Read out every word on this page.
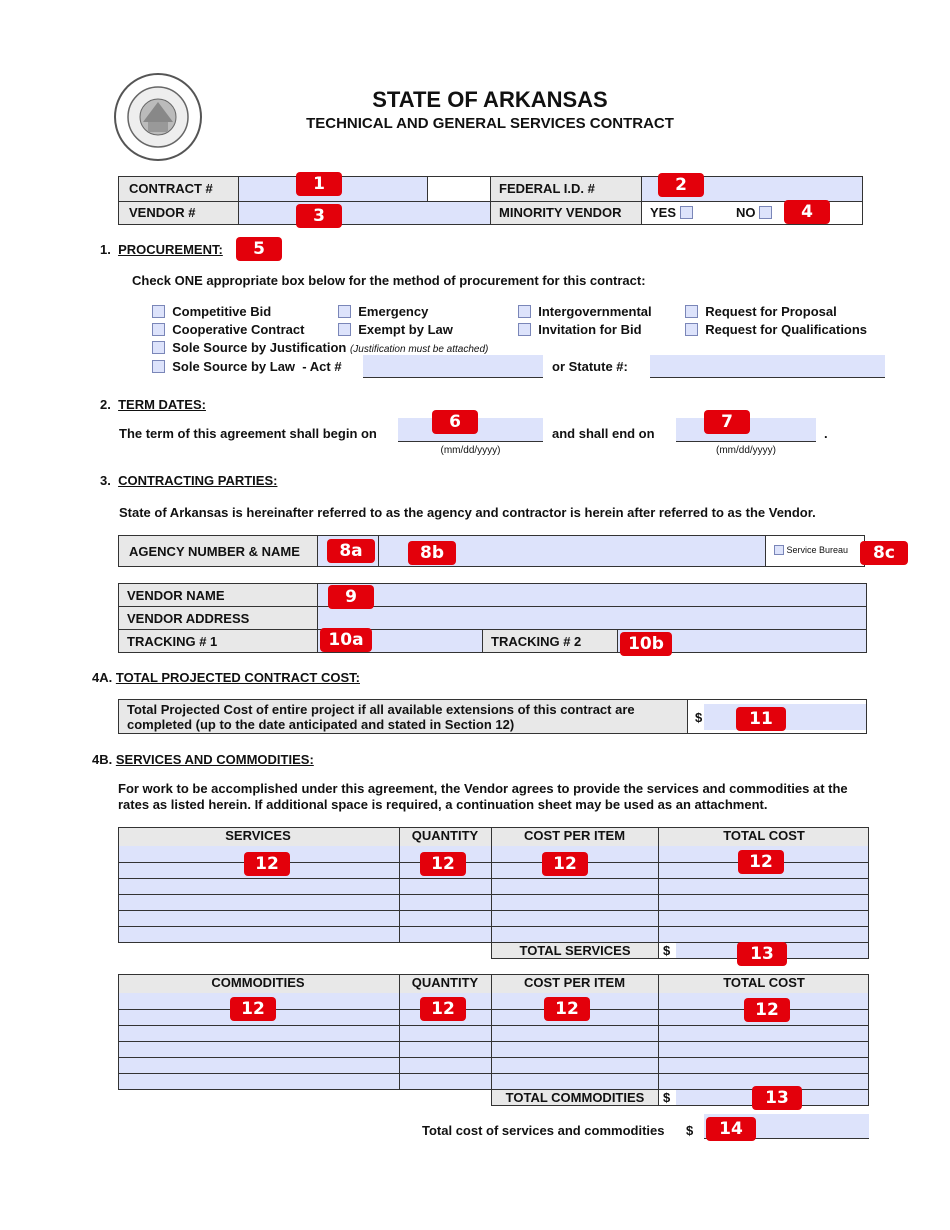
STATE OF ARKANSAS
TECHNICAL AND GENERAL SERVICES CONTRACT
CONTRACT #	FEDERAL I.D. #
VENDOR #	MINORITY VENDOR	YES	NO
1. PROCUREMENT:
Check ONE appropriate box below for the method of procurement for this contract:
Competitive Bid	Emergency	Intergovernmental	Request for Proposal
Cooperative Contract	Exempt by Law	Invitation for Bid	Request for Qualifications
Sole Source by Justification (Justification must be attached)
Sole Source by Law - Act #	or Statute #:
2. TERM DATES:
The term of this agreement shall begin on
(mm/dd/yyyy)
and shall end on
(mm/dd/yyyy)
.
3. CONTRACTING PARTIES:
State of Arkansas is hereinafter referred to as the agency and contractor is herein after referred to as the Vendor.
AGENCY NUMBER & NAME	Service Bureau
VENDOR NAME
VENDOR ADDRESS
TRACKING # 1	TRACKING # 2
4A. TOTAL PROJECTED CONTRACT COST:
Total Projected Cost of entire project if all available extensions of this contract are
completed (up to the date anticipated and stated in Section 12)	$
4B. SERVICES AND COMMODITIES:
For work to be accomplished under this agreement, the Vendor agrees to provide the services and commodities at the
rates as listed herein. If additional space is required, a continuation sheet may be used as an attachment.
SERVICES	QUANTITY	COST PER ITEM	TOTAL COST
TOTAL SERVICES	$
COMMODITIES	QUANTITY	COST PER ITEM	TOTAL COST
TOTAL COMMODITIES	$
Total cost of services and commodities $
1	2
3	4
5
6	7
8a	8b	8c
9
10a	10b
11
12	12	12	12
13
12	12	12	12
13
14
